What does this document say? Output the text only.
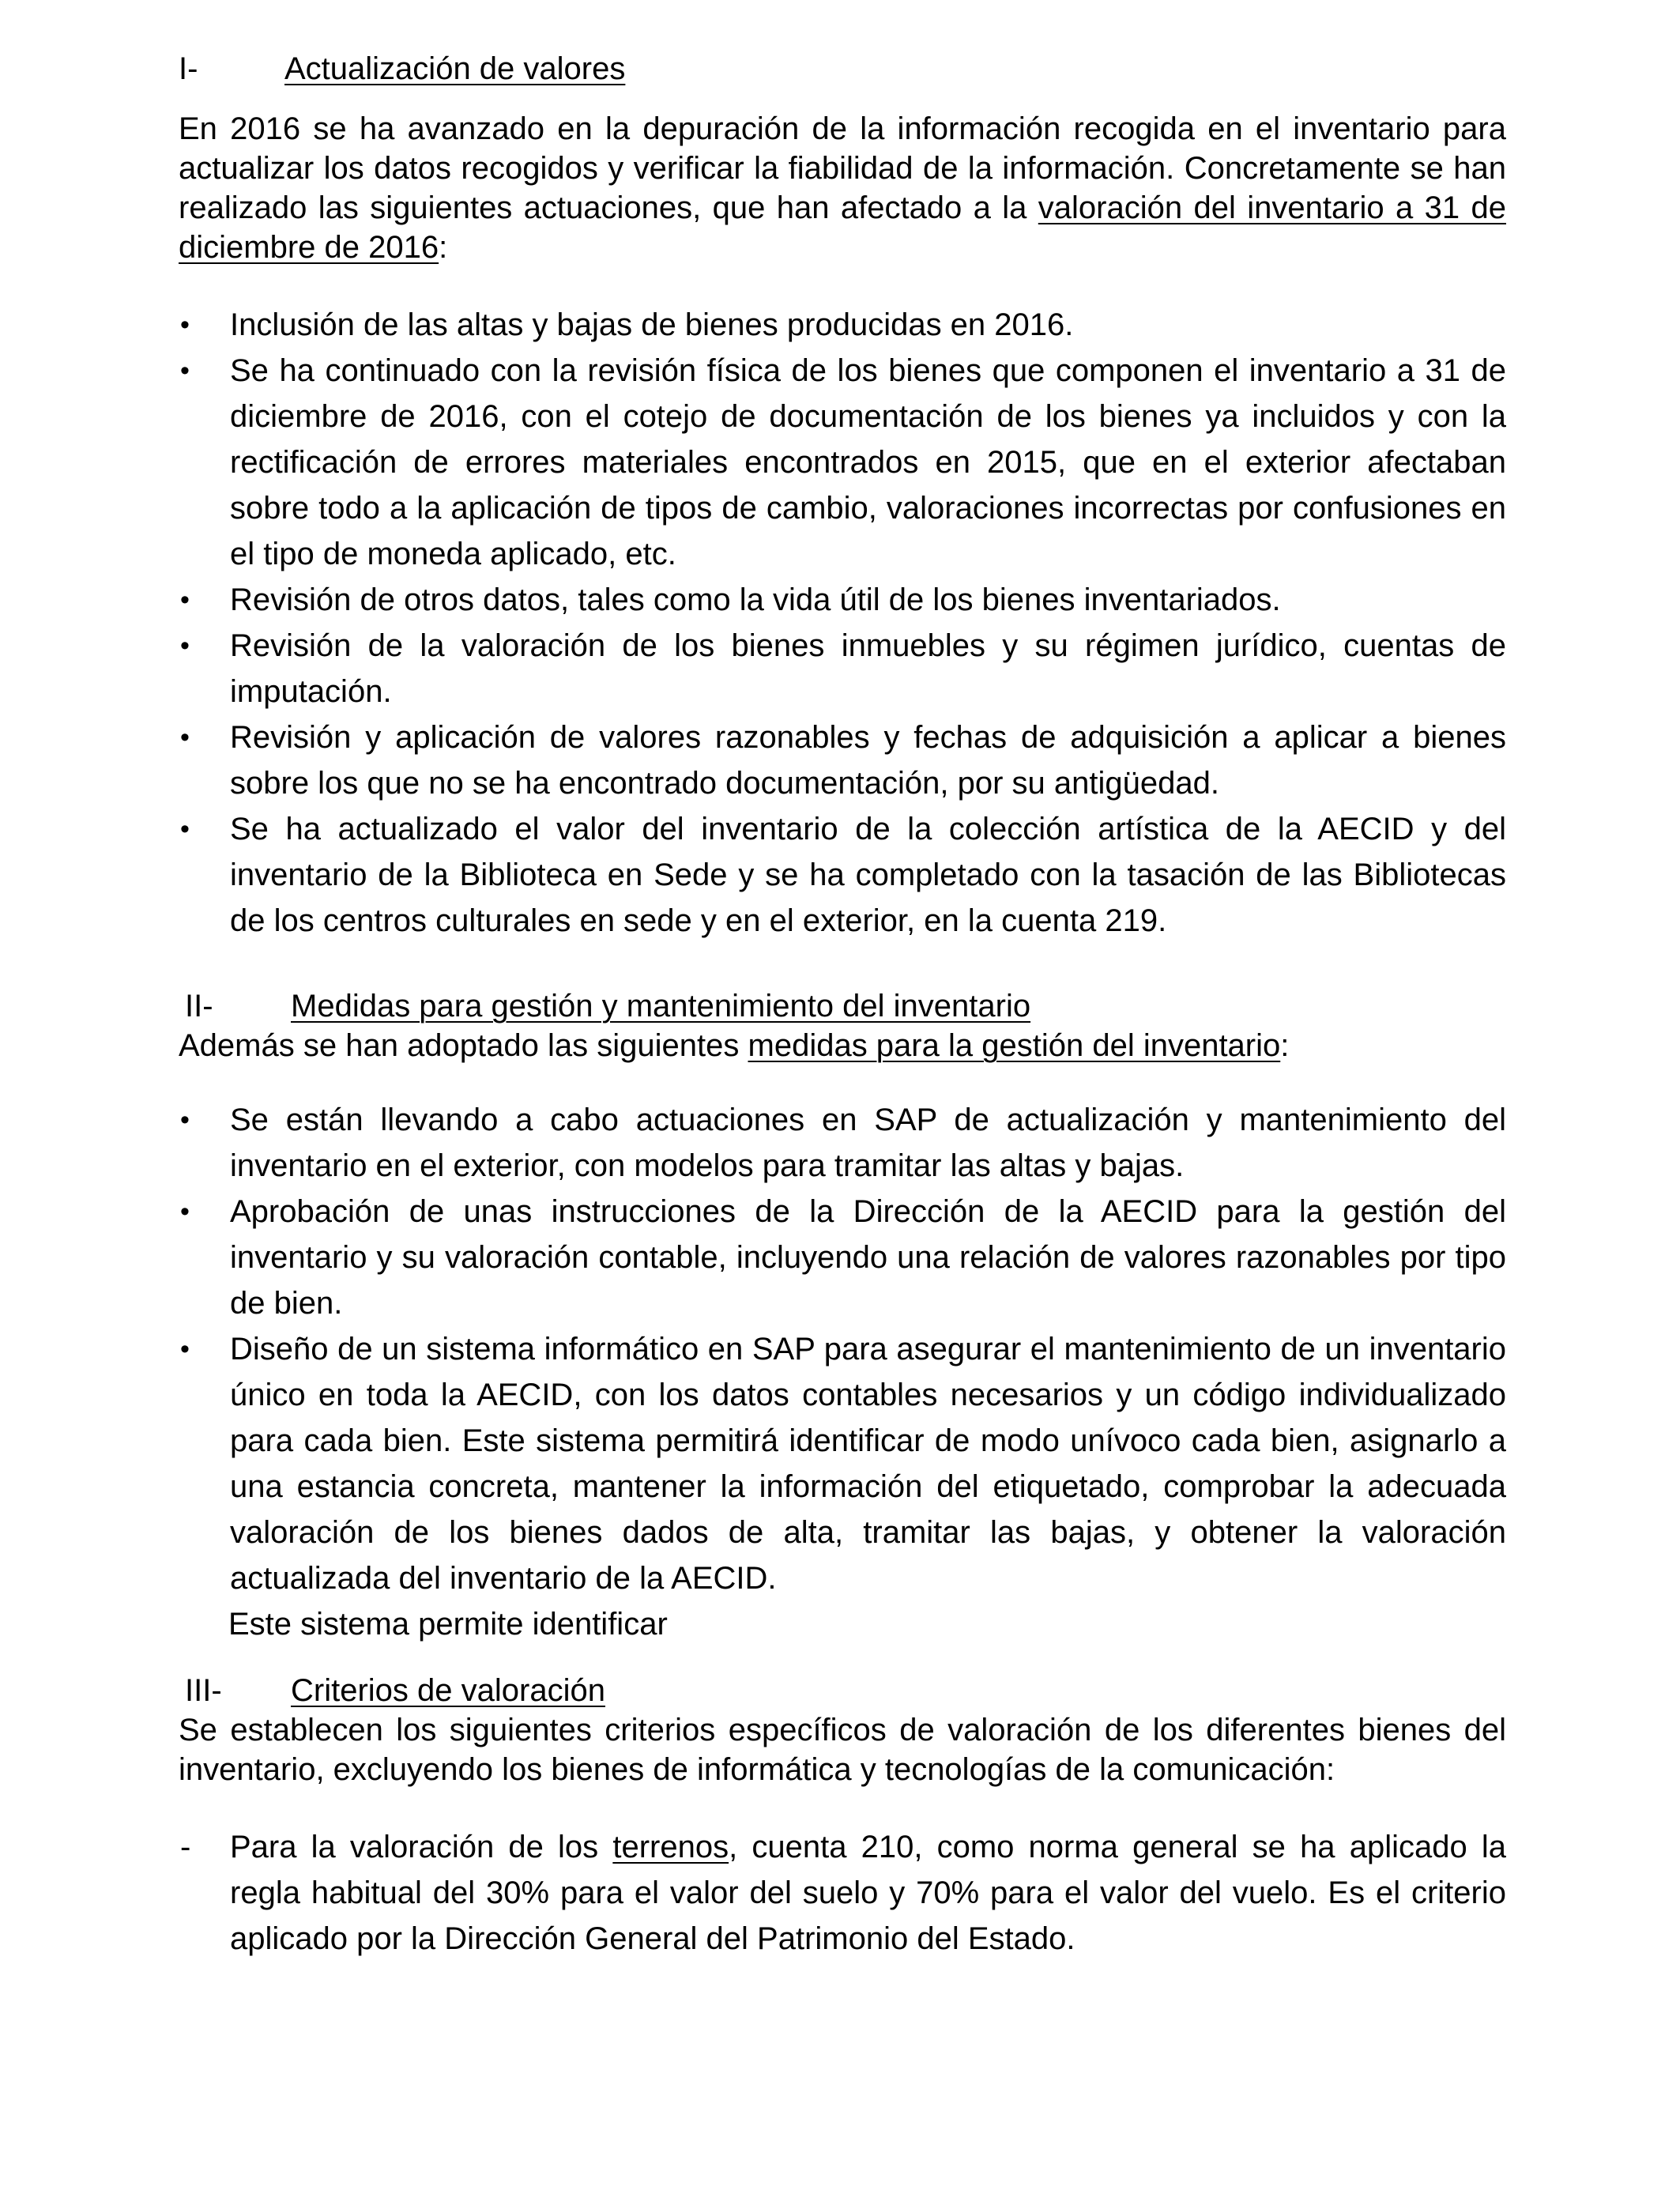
I-	Actualización de valores

En 2016 se ha avanzado en la depuración de la información recogida en el inventario para actualizar los datos recogidos y verificar la fiabilidad de la información. Concretamente se han realizado las siguientes actuaciones, que han afectado a la valoración del inventario a 31 de diciembre de 2016:

• Inclusión de las altas y bajas de bienes producidas en 2016.
• Se ha continuado con la revisión física de los bienes que componen el inventario a 31 de diciembre de 2016, con el cotejo de documentación de los bienes ya incluidos y con la rectificación de errores materiales encontrados en 2015, que en el exterior afectaban sobre todo a la aplicación de tipos de cambio, valoraciones incorrectas por confusiones en el tipo de moneda aplicado, etc.
• Revisión de otros datos, tales como la vida útil de los bienes inventariados.
• Revisión de la valoración de los bienes inmuebles y su régimen jurídico, cuentas de imputación.
• Revisión y aplicación de valores razonables y fechas de adquisición a aplicar a bienes sobre los que no se ha encontrado documentación, por su antigüedad.
• Se ha actualizado el valor del inventario de la colección artística de la AECID y del inventario de la Biblioteca en Sede y se ha completado con la tasación de las Bibliotecas de los centros culturales en sede y en el exterior, en la cuenta 219.
II- Medidas para gestión y mantenimiento del inventario

Además se han adoptado las siguientes medidas para la gestión del inventario:

• Se están llevando a cabo actuaciones en SAP de actualización y mantenimiento del inventario en el exterior, con modelos para tramitar las altas y bajas.
• Aprobación de unas instrucciones de la Dirección de la AECID para la gestión del inventario y su valoración contable, incluyendo una relación de valores razonables por tipo de bien.
• Diseño de un sistema informático en SAP para asegurar el mantenimiento de un inventario único en toda la AECID, con los datos contables necesarios y un código individualizado para cada bien. Este sistema permitirá identificar de modo unívoco cada bien, asignarlo a una estancia concreta, mantener la información del etiquetado, comprobar la adecuada valoración de los bienes dados de alta, tramitar las bajas, y obtener la valoración actualizada del inventario de la AECID.
Este sistema permite identificar
III- Criterios de valoración

Se establecen los siguientes criterios específicos de valoración de los diferentes bienes del inventario, excluyendo los bienes de informática y tecnologías de la comunicación:

- Para la valoración de los terrenos, cuenta 210, como norma general se ha aplicado la regla habitual del 30% para el valor del suelo y 70% para el valor del vuelo. Es el criterio aplicado por la Dirección General del Patrimonio del Estado.
